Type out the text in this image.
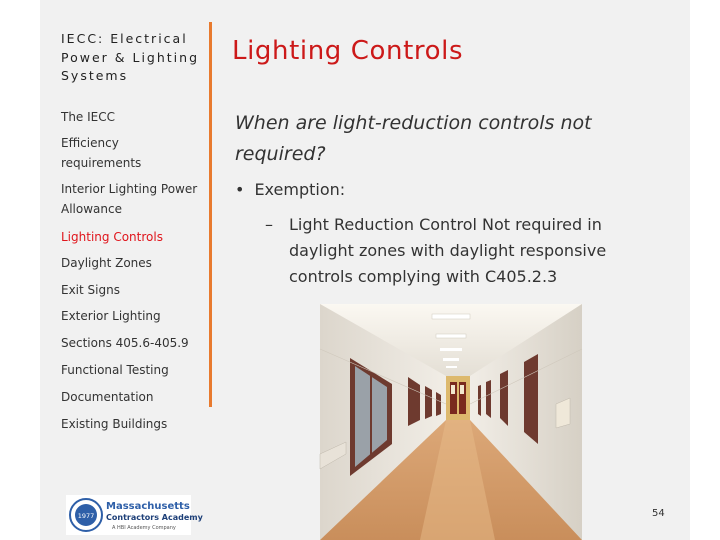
IECC: Electrical Power & Lighting Systems
The IECC
Efficiency requirements
Interior Lighting Power Allowance
Lighting Controls
Daylight Zones
Exit Signs
Exterior Lighting
Sections 405.6-405.9
Functional Testing
Documentation
Existing Buildings
Lighting Controls
When are light-reduction controls not required?
• Exemption:
– Light Reduction Control Not required in daylight zones with daylight responsive controls complying with C405.2.3
1977
Massachusetts
Contractors Academy
A HBI Academy Company
54
